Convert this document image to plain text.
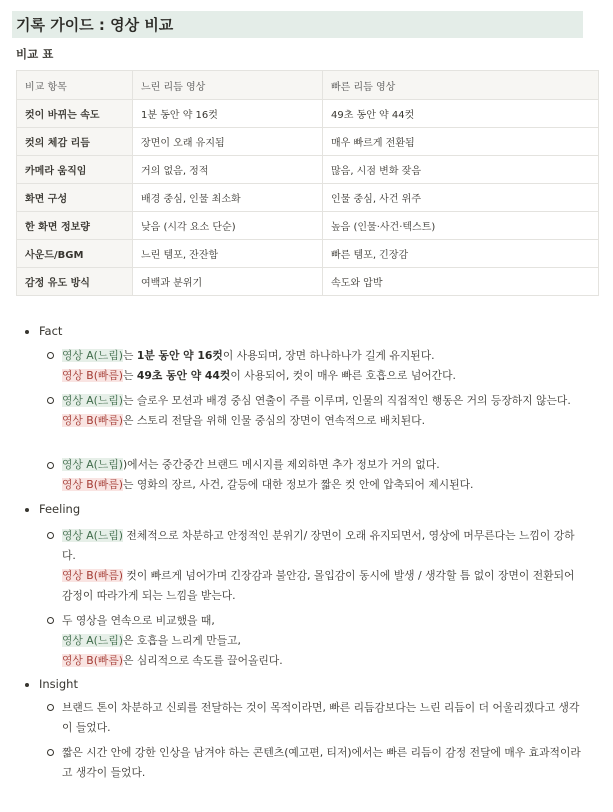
기록 가이드 : 영상 비교
비교 표
비교 항목	느린 리듬 영상	빠른 리듬 영상
컷이 바뀌는 속도	1분 동안 약 16컷	49초 동안 약 44컷
컷의 체감 리듬	장면이 오래 유지됨	매우 빠르게 전환됨
카메라 움직임	거의 없음, 정적	많음, 시점 변화 잦음
화면 구성	배경 중심, 인물 최소화	인물 중심, 사건 위주
한 화면 정보량	낮음 (시각 요소 단순)	높음 (인물·사건·텍스트)
사운드/BGM	느린 템포, 잔잔함	빠른 템포, 긴장감
감정 유도 방식	여백과 분위기	속도와 압박
Fact
영상 A(느림)는 1분 동안 약 16컷이 사용되며, 장면 하나하나가 길게 유지된다.
영상 B(빠름)는 49초 동안 약 44컷이 사용되어, 컷이 매우 빠른 호흡으로 넘어간다.
영상 A(느림)는 슬로우 모션과 배경 중심 연출이 주를 이루며, 인물의 직접적인 행동은 거의 등장하지 않는다.
영상 B(빠름)은 스토리 전달을 위해 인물 중심의 장면이 연속적으로 배치된다.
영상 A(느림))에서는 중간중간 브랜드 메시지를 제외하면 추가 정보가 거의 없다.
영상 B(빠름)는 영화의 장르, 사건, 갈등에 대한 정보가 짧은 컷 안에 압축되어 제시된다.
Feeling
영상 A(느림) 전체적으로 차분하고 안정적인 분위기/ 장면이 오래 유지되면서, 영상에 머무른다는 느낌이 강하다.
영상 B(빠름) 컷이 빠르게 넘어가며 긴장감과 불안감, 몰입감이 동시에 발생 / 생각할 틈 없이 장면이 전환되어 감정이 따라가게 되는 느낌을 받는다.
두 영상을 연속으로 비교했을 때,
영상 A(느림)은 호흡을 느리게 만들고,
영상 B(빠름)은 심리적으로 속도를 끌어올린다.
Insight
브랜드 톤이 차분하고 신뢰를 전달하는 것이 목적이라면, 빠른 리듬감보다는 느린 리듬이 더 어울리겠다고 생각이 들었다.
짧은 시간 안에 강한 인상을 남겨야 하는 콘텐츠(예고편, 티저)에서는 빠른 리듬이 감정 전달에 매우 효과적이라고 생각이 들었다.
